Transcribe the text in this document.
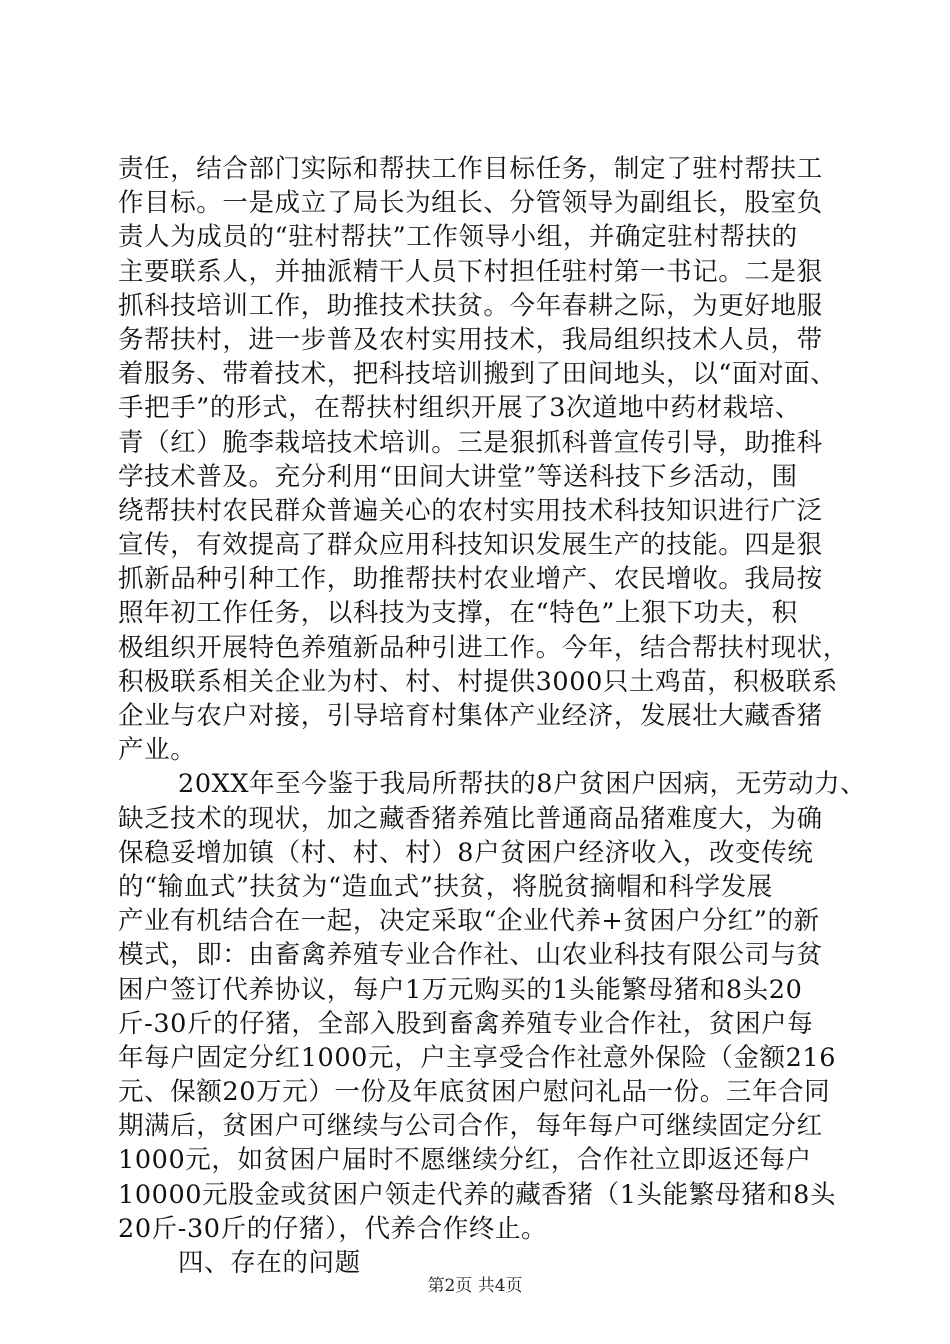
责任，结合部门实际和帮扶工作目标任务，制定了驻村帮扶工
作目标。一是成立了局长为组长、分管领导为副组长，股室负
责人为成员的“驻村帮扶”工作领导小组，并确定驻村帮扶的
主要联系人，并抽派精干人员下村担任驻村第一书记。二是狠
抓科技培训工作，助推技术扶贫。今年春耕之际，为更好地服
务帮扶村，进一步普及农村实用技术，我局组织技术人员，带
着服务、带着技术，把科技培训搬到了田间地头，以“面对面、
手把手”的形式，在帮扶村组织开展了3次道地中药材栽培、
青（红）脆李栽培技术培训。三是狠抓科普宣传引导，助推科
学技术普及。充分利用“田间大讲堂”等送科技下乡活动，围
绕帮扶村农民群众普遍关心的农村实用技术科技知识进行广泛
宣传，有效提高了群众应用科技知识发展生产的技能。四是狠
抓新品种引种工作，助推帮扶村农业增产、农民增收。我局按
照年初工作任务，以科技为支撑，在“特色”上狠下功夫，积
极组织开展特色养殖新品种引进工作。今年，结合帮扶村现状，
积极联系相关企业为村、村、村提供3000只土鸡苗，积极联系
企业与农户对接，引导培育村集体产业经济，发展壮大藏香猪
产业。
20XX年至今鉴于我局所帮扶的8户贫困户因病，无劳动力、
缺乏技术的现状，加之藏香猪养殖比普通商品猪难度大，为确
保稳妥增加镇（村、村、村）8户贫困户经济收入，改变传统
的“输血式”扶贫为“造血式”扶贫，将脱贫摘帽和科学发展
产业有机结合在一起，决定采取“企业代养+贫困户分红”的新
模式，即：由畜禽养殖专业合作社、山农业科技有限公司与贫
困户签订代养协议，每户1万元购买的1头能繁母猪和8头20
斤-30斤的仔猪，全部入股到畜禽养殖专业合作社，贫困户每
年每户固定分红1000元，户主享受合作社意外保险（金额216
元、保额20万元）一份及年底贫困户慰问礼品一份。三年合同
期满后，贫困户可继续与公司合作，每年每户可继续固定分红
1000元，如贫困户届时不愿继续分红，合作社立即返还每户
10000元股金或贫困户领走代养的藏香猪（1头能繁母猪和8头
20斤-30斤的仔猪），代养合作终止。
四、存在的问题
第2页 共4页
